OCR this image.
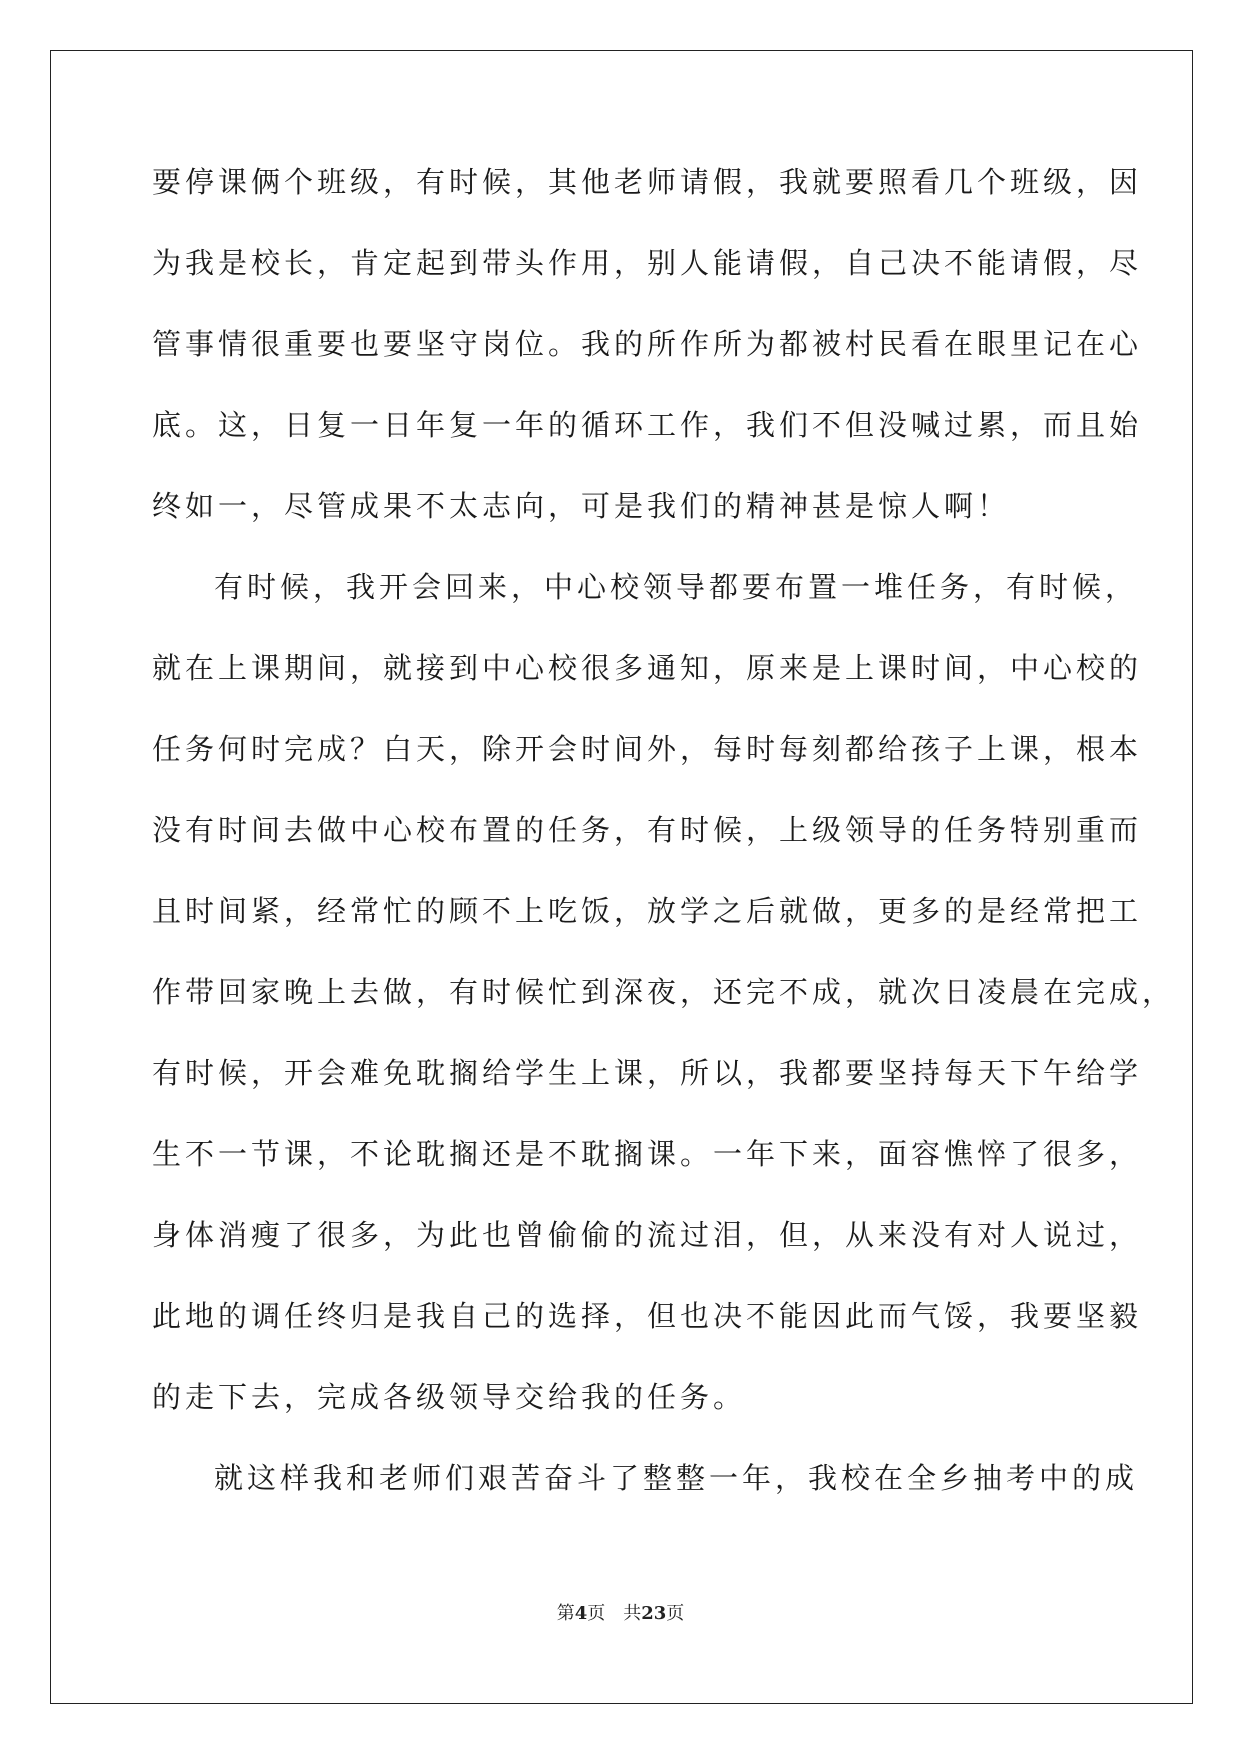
要停课俩个班级，有时候，其他老师请假，我就要照看几个班级，因
为我是校长，肯定起到带头作用，别人能请假，自己决不能请假，尽
管事情很重要也要坚守岗位。我的所作所为都被村民看在眼里记在心
底。这，日复一日年复一年的循环工作，我们不但没喊过累，而且始
终如一，尽管成果不太志向，可是我们的精神甚是惊人啊！
有时候，我开会回来，中心校领导都要布置一堆任务，有时候，
就在上课期间，就接到中心校很多通知，原来是上课时间，中心校的
任务何时完成？白天，除开会时间外，每时每刻都给孩子上课，根本
没有时间去做中心校布置的任务，有时候，上级领导的任务特别重而
且时间紧，经常忙的顾不上吃饭，放学之后就做，更多的是经常把工
作带回家晚上去做，有时候忙到深夜，还完不成，就次日凌晨在完成，
有时候，开会难免耽搁给学生上课，所以，我都要坚持每天下午给学
生不一节课，不论耽搁还是不耽搁课。一年下来，面容憔悴了很多，
身体消瘦了很多，为此也曾偷偷的流过泪，但，从来没有对人说过，
此地的调任终归是我自己的选择，但也决不能因此而气馁，我要坚毅
的走下去，完成各级领导交给我的任务。
就这样我和老师们艰苦奋斗了整整一年，我校在全乡抽考中的成
第4页　共23页
